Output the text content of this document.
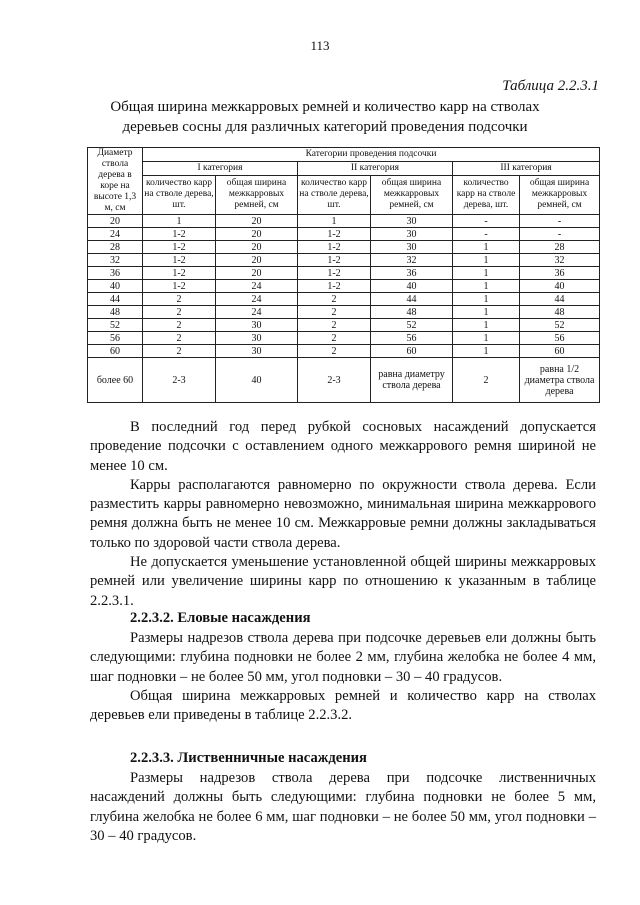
113
Таблица 2.2.3.1
Общая ширина межкарровых ремней и количество карр на стволах деревьев сосны для различных категорий проведения подсочки
Диаметр ствола дерева в коре на высоте 1,3 м, см	Категории проведения подсочки					
	I категория		II категория		III категория	
	количество карр на стволе дерева, шт.	общая ширина межкарровых ремней, см	количество карр на стволе дерева, шт.	общая ширина межкарровых ремней, см	количество карр на стволе дерева, шт.	общая ширина межкарровых ремней, см
20	1	20	1	30	-	-
24	1-2	20	1-2	30	-	-
28	1-2	20	1-2	30	1	28
32	1-2	20	1-2	32	1	32
36	1-2	20	1-2	36	1	36
40	1-2	24	1-2	40	1	40
44	2	24	2	44	1	44
48	2	24	2	48	1	48
52	2	30	2	52	1	52
56	2	30	2	56	1	56
60	2	30	2	60	1	60
более 60	2-3	40	2-3	равна диаметру ствола дерева	2	равна 1/2 диаметра ствола дерева

В последний год перед рубкой сосновых насаждений допускается проведение подсочки с оставлением одного межкаррового ремня шириной не менее 10 см.

Карры располагаются равномерно по окружности ствола дерева. Если разместить карры равномерно невозможно, минимальная ширина межкаррового ремня должна быть не менее 10 см. Межкарровые ремни должны закладываться только по здоровой части ствола дерева.

Не допускается уменьшение установленной общей ширины межкарровых ремней или увеличение ширины карр по отношению к указанным в таблице 2.2.3.1.

2.2.3.2. Еловые насаждения

Размеры надрезов ствола дерева при подсочке деревьев ели должны быть следующими: глубина подновки не более 2 мм, глубина желобка не более 4 мм, шаг подновки – не более 50 мм, угол подновки – 30 – 40 градусов.

Общая ширина межкарровых ремней и количество карр на стволах деревьев ели приведены в таблице 2.2.3.2.

2.2.3.3. Лиственничные насаждения

Размеры надрезов ствола дерева при подсочке лиственничных насаждений должны быть следующими: глубина подновки не более 5 мм, глубина желобка не более 6 мм, шаг подновки – не более 50 мм, угол подновки – 30 – 40 градусов.
